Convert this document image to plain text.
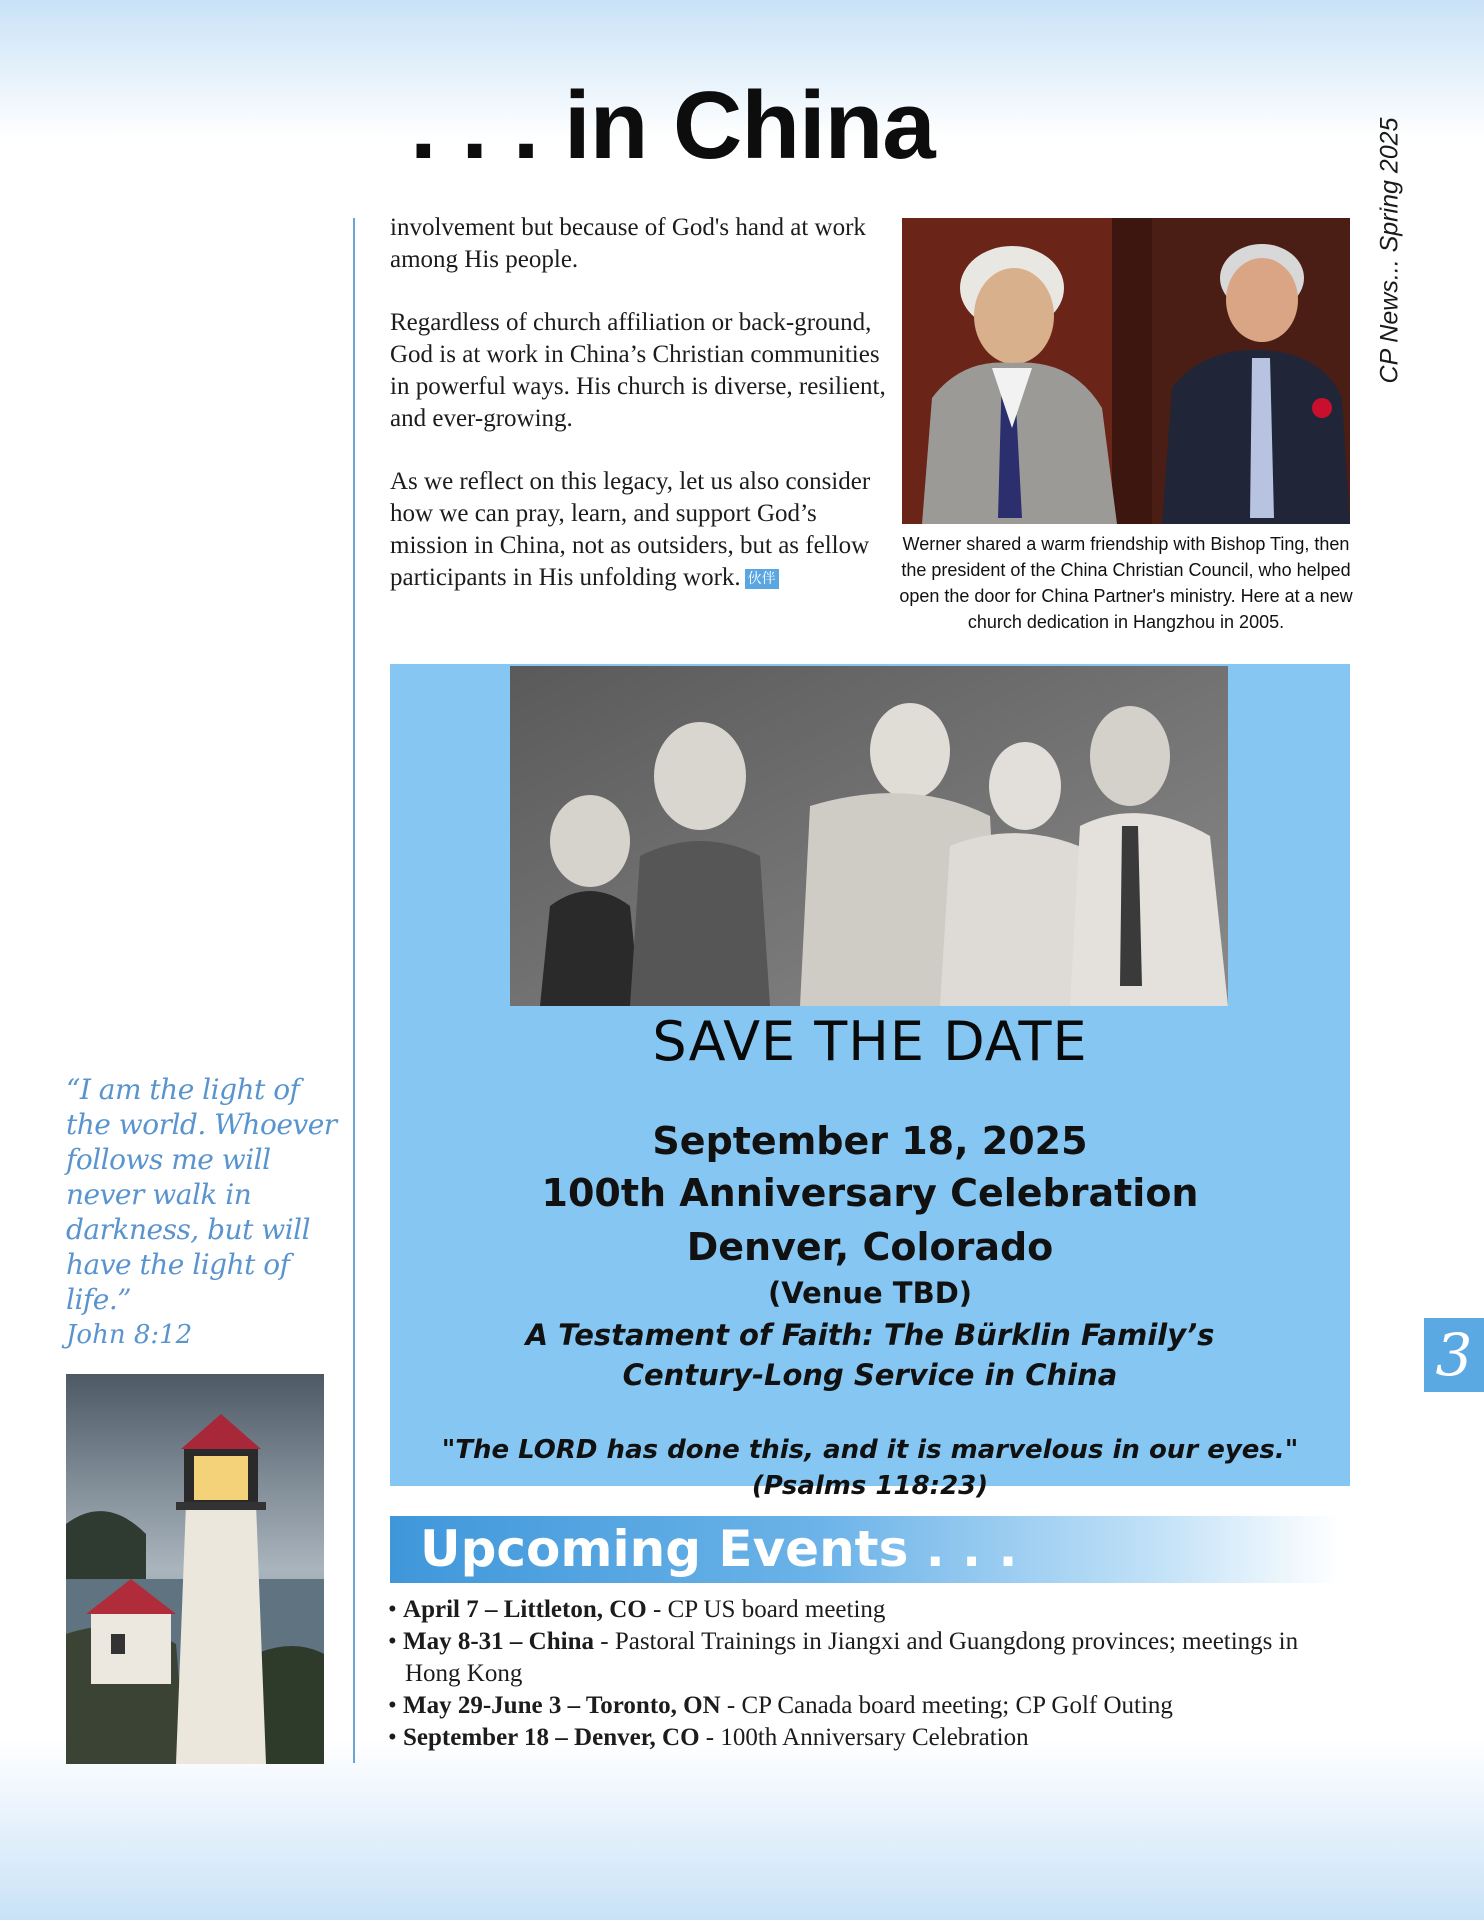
. . . in China	CP News... Spring 2025

involvement but because of God's hand at work among His people.

Regardless of church affiliation or back-ground, God is at work in China’s Christian communities in powerful ways. His church is diverse, resilient, and ever-growing.

As we reflect on this legacy, let us also consider how we can pray, learn, and support God’s mission in China, not as outsiders, but as fellow participants in His unfolding work. 伙伴

Werner shared a warm friendship with Bishop Ting, then the president of the China Christian Council, who helped open the door for China Partner's ministry. Here at a new church dedication in Hangzhou in 2005.
SAVE THE DATE
September 18, 2025
100th Anniversary Celebration
Denver, Colorado
(Venue TBD)
A Testament of Faith: The Bürklin Family’s
Century-Long Service in China
"The LORD has done this, and it is marvelous in our eyes." (Psalms 118:23)
Upcoming Events . . .
• April 7 – Littleton, CO - CP US board meeting
• May 8-31 – China - Pastoral Trainings in Jiangxi and Guangdong provinces; meetings in Hong Kong
• May 29-June 3 – Toronto, ON - CP Canada board meeting; CP Golf Outing
• September 18 – Denver, CO - 100th Anniversary Celebration
“I am the light of the world. Whoever follows me will never walk in darkness, but will have the light of life.”
John 8:12	3
